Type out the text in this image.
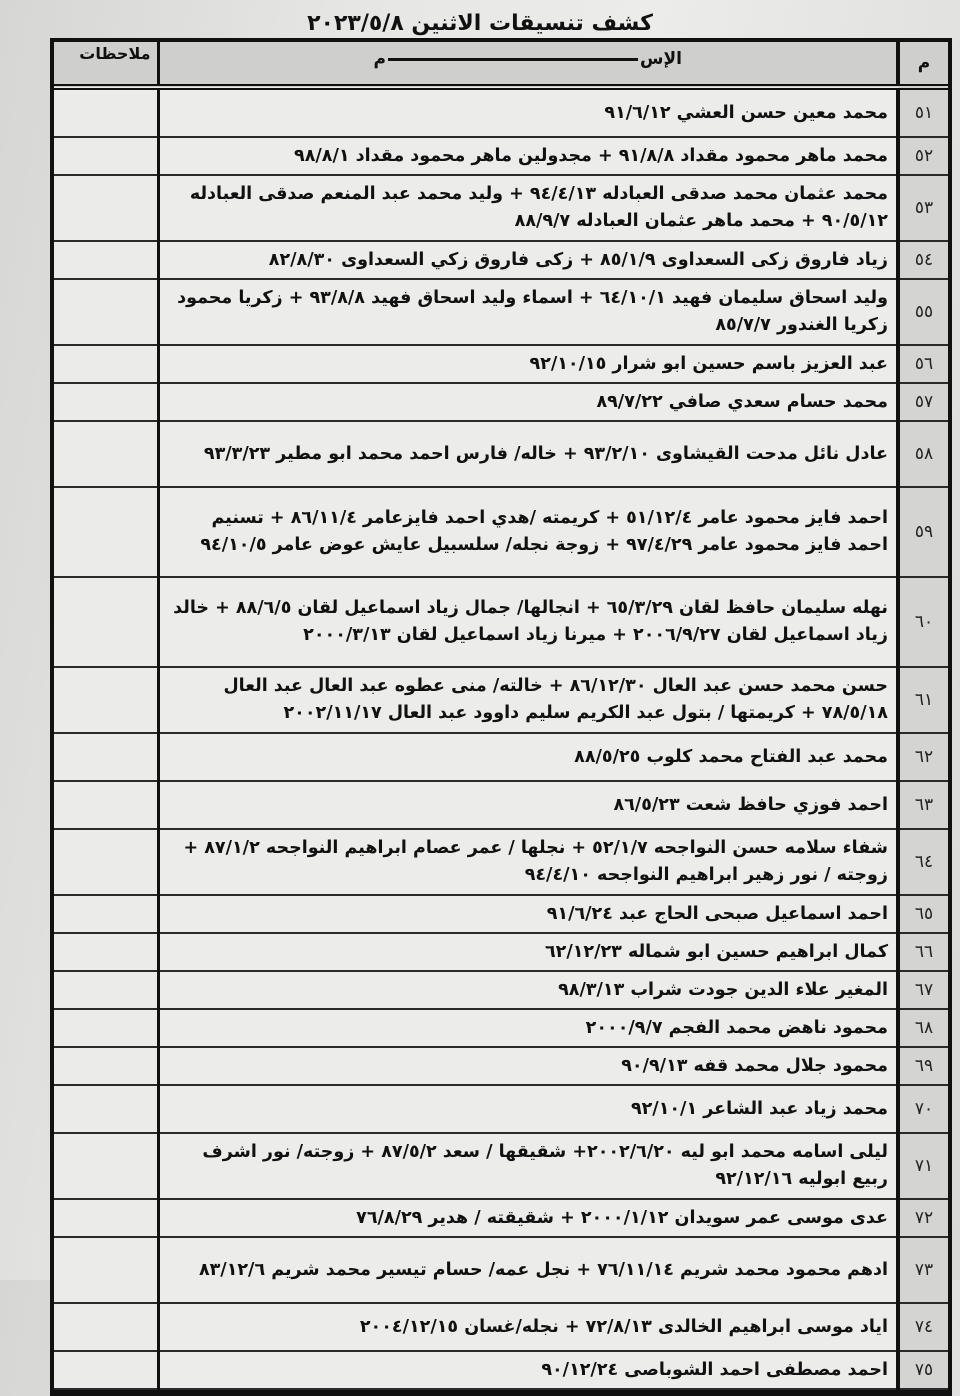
كشف تنسيقات الاثنين ٢٠٢٣/٥/٨
م	الإسم	ملاحظات
٥١	محمد معين حسن العشي ٩١/٦/١٢	
٥٢	محمد ماهر محمود مقداد ٩١/٨/٨ + مجدولين ماهر محمود مقداد ٩٨/٨/١	
٥٣	محمد عثمان محمد صدقى العبادله ٩٤/٤/١٣ + وليد محمد عبد المنعم صدقى العبادله ٩٠/٥/١٢ + محمد ماهر عثمان العبادله ٨٨/٩/٧	
٥٤	زياد فاروق زكى السعداوى ٨٥/١/٩ + زكى فاروق زكي السعداوى ٨٢/٨/٣٠	
٥٥	وليد اسحاق سليمان فهيد ٦٤/١٠/١ + اسماء وليد اسحاق فهيد ٩٣/٨/٨ + زكريا محمود زكريا الغندور ٨٥/٧/٧	
٥٦	عبد العزيز باسم حسين ابو شرار ٩٢/١٠/١٥	
٥٧	محمد حسام سعدي صافي ٨٩/٧/٢٢	
٥٨	عادل نائل مدحت القيشاوى ٩٣/٢/١٠ + خاله/ فارس احمد محمد ابو مطير ٩٣/٣/٢٣	
٥٩	احمد فايز محمود عامر ٥١/١٢/٤ + كريمته /هدي احمد فايزعامر ٨٦/١١/٤ + تسنيم احمد فايز محمود عامر ٩٧/٤/٢٩ + زوجة نجله/ سلسبيل عايش عوض عامر ٩٤/١٠/٥	
٦٠	نهله سليمان حافظ لقان ٦٥/٣/٢٩ + انجالها/ جمال زياد اسماعيل لقان ٨٨/٦/٥ + خالد زياد اسماعيل لقان ٢٠٠٦/٩/٢٧ + ميرنا زياد اسماعيل لقان ٢٠٠٠/٣/١٣	
٦١	حسن محمد حسن عبد العال ٨٦/١٢/٣٠ + خالته/ منى عطوه عبد العال عبد العال ٧٨/٥/١٨ + كريمتها / بتول عبد الكريم سليم داوود عبد العال ٢٠٠٢/١١/١٧	
٦٢	محمد عبد الفتاح محمد كلوب ٨٨/٥/٢٥	
٦٣	احمد فوزي حافظ شعت ٨٦/٥/٢٣	
٦٤	شفاء سلامه حسن النواجحه ٥٢/١/٧ + نجلها / عمر عصام ابراهيم النواجحه ٨٧/١/٢ + زوجته / نور زهير ابراهيم النواجحه ٩٤/٤/١٠	
٦٥	احمد اسماعيل صبحى الحاج عبد ٩١/٦/٢٤	
٦٦	كمال ابراهيم حسين ابو شماله ٦٢/١٢/٢٣	
٦٧	المغير علاء الدين جودت شراب ٩٨/٣/١٣	
٦٨	محمود ناهض محمد الفجم ٢٠٠٠/٩/٧	
٦٩	محمود جلال محمد قفه ٩٠/٩/١٣	
٧٠	محمد زياد عبد الشاعر ٩٢/١٠/١	
٧١	ليلى اسامه محمد ابو ليه ٢٠٠٢/٦/٢٠+ شقيقها / سعد ٨٧/٥/٢ + زوجته/ نور اشرف ربيع ابوليه ٩٢/١٢/١٦	
٧٢	عدى موسى عمر سويدان ٢٠٠٠/١/١٢ + شقيقته / هدير ٧٦/٨/٢٩	
٧٣	ادهم محمود محمد شريم ٧٦/١١/١٤ + نجل عمه/ حسام تيسير محمد شريم ٨٣/١٢/٦	
٧٤	اياد موسى ابراهيم الخالدى ٧٢/٨/١٣ + نجله/غسان ٢٠٠٤/١٢/١٥	
٧٥	احمد مصطفى احمد الشوباصى ٩٠/١٢/٢٤	
